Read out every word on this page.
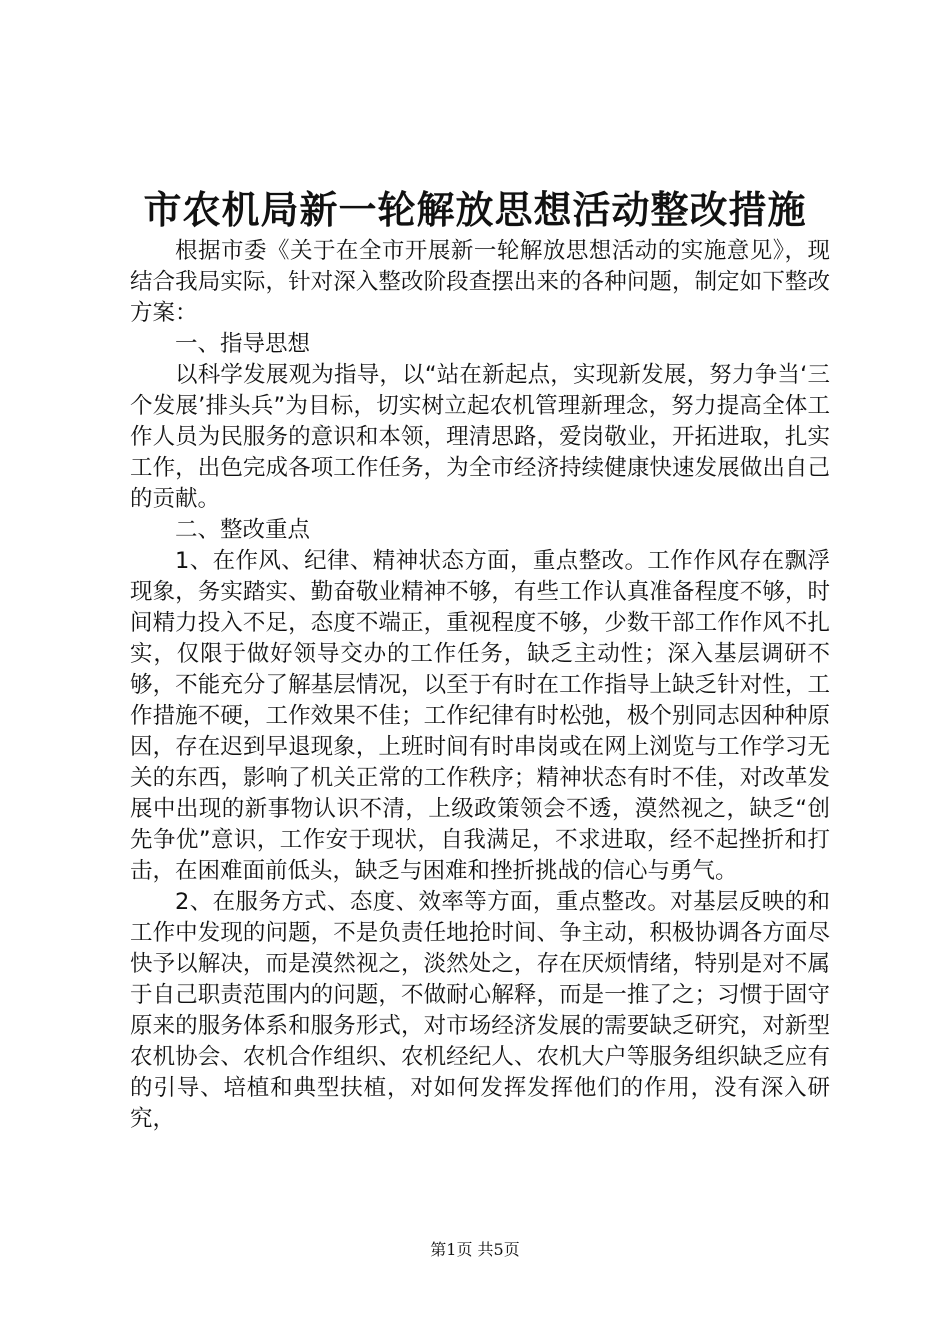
市农机局新一轮解放思想活动整改措施

根据市委《关于在全市开展新一轮解放思想活动的实施意见》，现结合我局实际，针对深入整改阶段查摆出来的各种问题，制定如下整改方案：

一、指导思想

以科学发展观为指导，以“站在新起点，实现新发展，努力争当‘三个发展’排头兵”为目标，切实树立起农机管理新理念，努力提高全体工作人员为民服务的意识和本领，理清思路，爱岗敬业，开拓进取，扎实工作，出色完成各项工作任务，为全市经济持续健康快速发展做出自己的贡献。

二、整改重点

1、在作风、纪律、精神状态方面，重点整改。工作作风存在飘浮现象，务实踏实、勤奋敬业精神不够，有些工作认真准备程度不够，时间精力投入不足，态度不端正，重视程度不够，少数干部工作作风不扎实，仅限于做好领导交办的工作任务，缺乏主动性；深入基层调研不够，不能充分了解基层情况，以至于有时在工作指导上缺乏针对性，工作措施不硬，工作效果不佳；工作纪律有时松弛，极个别同志因种种原因，存在迟到早退现象，上班时间有时串岗或在网上浏览与工作学习无关的东西，影响了机关正常的工作秩序；精神状态有时不佳，对改革发展中出现的新事物认识不清，上级政策领会不透，漠然视之，缺乏“创先争优”意识，工作安于现状，自我满足，不求进取，经不起挫折和打击，在困难面前低头，缺乏与困难和挫折挑战的信心与勇气。

2、在服务方式、态度、效率等方面，重点整改。对基层反映的和工作中发现的问题，不是负责任地抢时间、争主动，积极协调各方面尽快予以解决，而是漠然视之，淡然处之，存在厌烦情绪，特别是对不属于自己职责范围内的问题，不做耐心解释，而是一推了之；习惯于固守原来的服务体系和服务形式，对市场经济发展的需要缺乏研究，对新型农机协会、农机合作组织、农机经纪人、农机大户等服务组织缺乏应有的引导、培植和典型扶植，对如何发挥发挥他们的作用，没有深入研究，

第1页 共5页
